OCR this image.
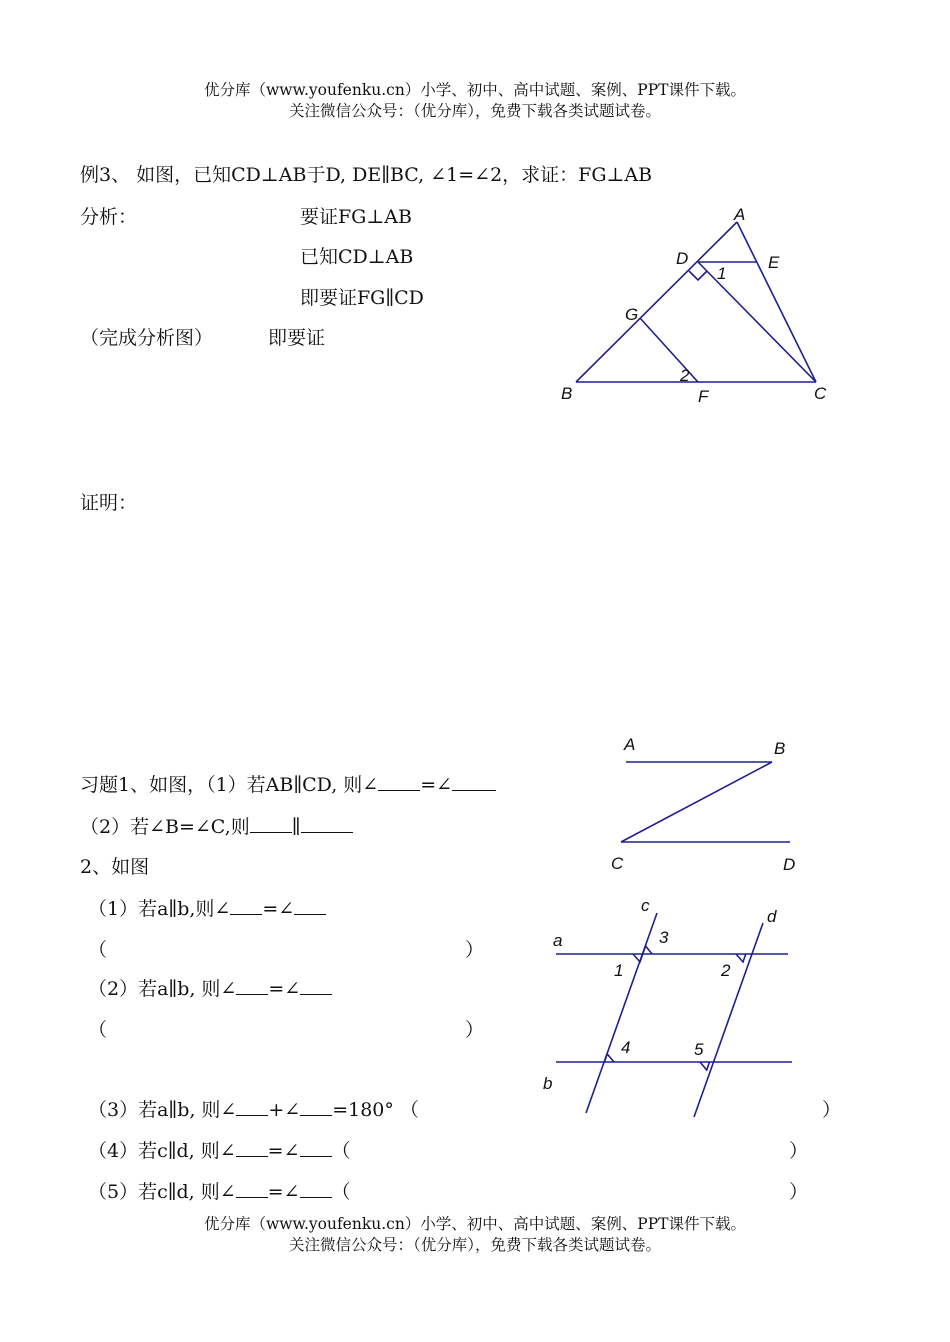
优分库（www.youfenku.cn）小学、初中、高中试题、案例、PPT课件下载。
关注微信公众号：（优分库），免费下载各类试题试卷。
例3、 如图，已知CD⊥AB于D, DE∥BC, ∠1=∠2，求证：FG⊥AB
分析：	要证FG⊥AB
已知CD⊥AB
即要证FG∥CD
（完成分析图）	即要证
证明：
A
D	E
1
G
2
B	F	C
习题1、如图，（1）若AB∥CD, 则∠ =∠
（2）若∠B=∠C,则 ∥
A	B
C	D
2、如图
（1）若a∥b,则∠ =∠
（	）
（2）若a∥b, 则∠ =∠
（	）
（3）若a∥b, 则∠ +∠ =180° （	）
（4）若c∥d, 则∠ =∠ （	）
（5）若c∥d, 则∠ =∠ （	）
c
d
a	3
1	2
4	5
b
优分库（www.youfenku.cn）小学、初中、高中试题、案例、PPT课件下载。
关注微信公众号：（优分库），免费下载各类试题试卷。
